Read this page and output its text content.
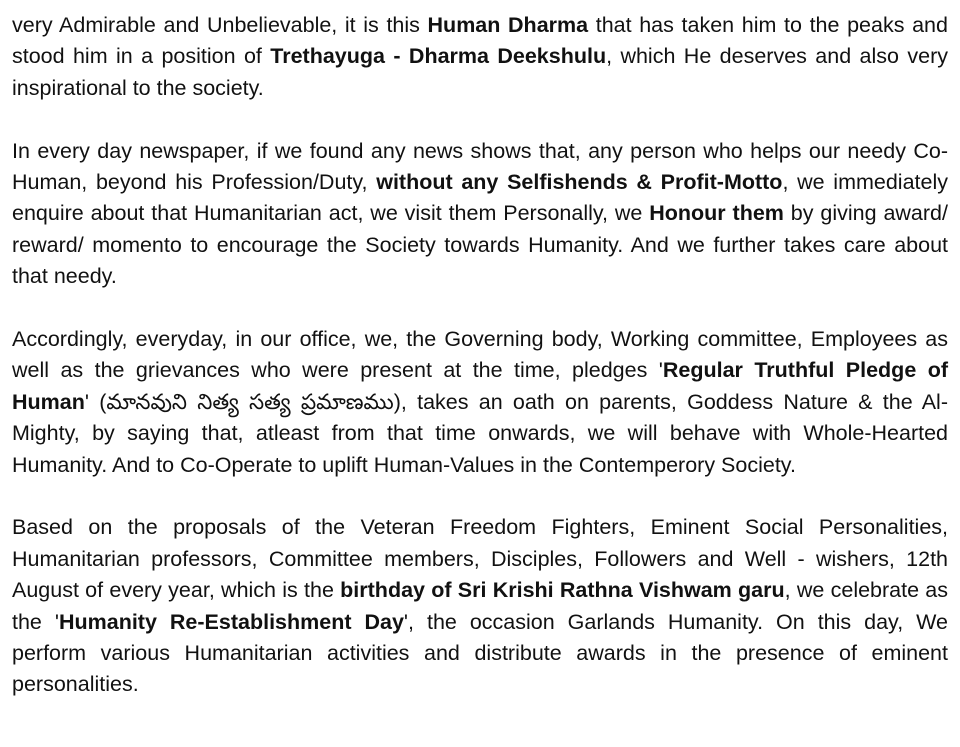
very Admirable and Unbelievable, it is this Human Dharma that has taken him to the peaks and stood him in a position of Trethayuga - Dharma Deekshulu, which He deserves and also very inspirational to the society.

In every day newspaper, if we found any news shows that, any person who helps our needy Co-Human, beyond his Profession/Duty, without any Selfishends & Profit-Motto, we immediately enquire about that Humanitarian act, we visit them Personally, we Honour them by giving award/ reward/ momento to encourage the Society towards Humanity. And we further takes care about that needy.

Accordingly, everyday, in our office, we, the Governing body, Working committee, Employees as well as the grievances who were present at the time, pledges 'Regular Truthful Pledge of Human' (మానవుని నిత్య సత్య ప్రమాణము), takes an oath on parents, Goddess Nature & the Al-Mighty, by saying that, atleast from that time onwards, we will behave with Whole-Hearted Humanity. And to Co-Operate to uplift Human-Values in the Contemperory Society.

Based on the proposals of the Veteran Freedom Fighters, Eminent Social Personalities, Humanitarian professors, Committee members, Disciples, Followers and Well - wishers, 12th August of every year, which is the birthday of Sri Krishi Rathna Vishwam garu, we celebrate as the 'Humanity Re-Establishment Day', the occasion Garlands Humanity. On this day, We perform various Humanitarian activities and distribute awards in the presence of eminent personalities.
